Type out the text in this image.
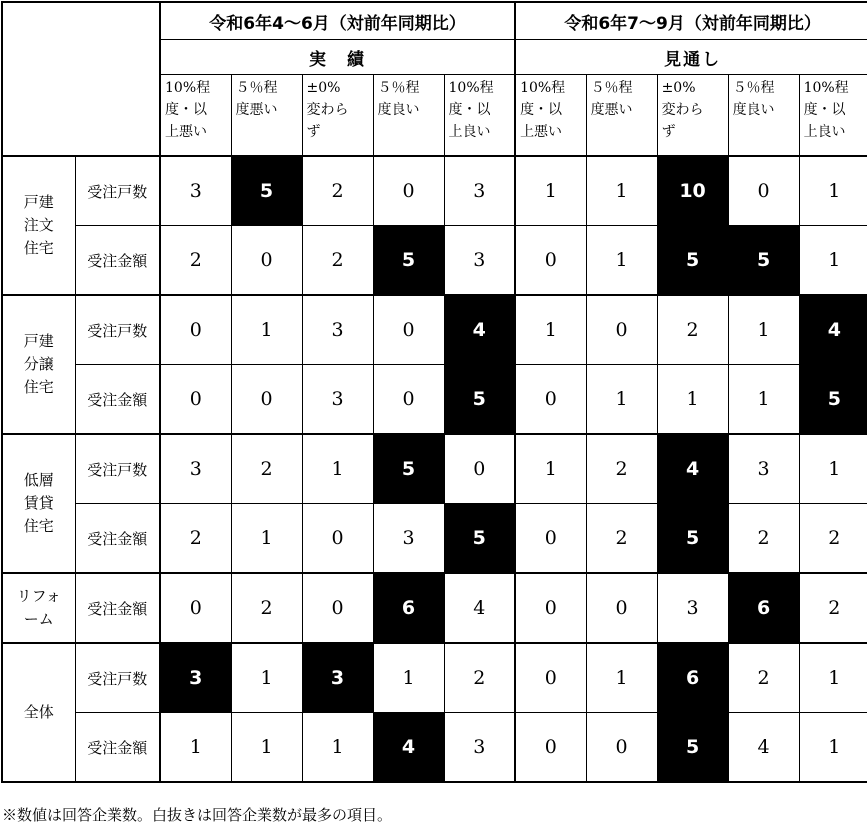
		令和6年4～6月（対前年同期比）					令和6年7～9月（対前年同期比）				
		実　績					見通し				

		10%程
度・以
上悪い	５％程
度悪い	±0%
変わら
ず	５％程
度良い	10%程
度・以
上良い	10%程
度・以
上悪い	５％程
度悪い	±0%
変わら
ず	５％程
度良い	10%程
度・以
上良い

戸建
注文
住宅	受注戸数	3	5	2	0	3	1	1	10	0	1
	受注金額	2	0	2	5	3	0	1	5	5	1

戸建
分譲
住宅	受注戸数	0	1	3	0	4	1	0	2	1	4
	受注金額	0	0	3	0	5	0	1	1	1	5

低層
賃貸
住宅	受注戸数	3	2	1	5	0	1	2	4	3	1
	受注金額	2	1	0	3	5	0	2	5	2	2

リフォ
ーム	受注金額	0	2	0	6	4	0	0	3	6	2

全体	受注戸数	3	1	3	1	2	0	1	6	2	1
	受注金額	1	1	1	4	3	0	0	5	4	1
※数値は回答企業数。白抜きは回答企業数が最多の項目。
